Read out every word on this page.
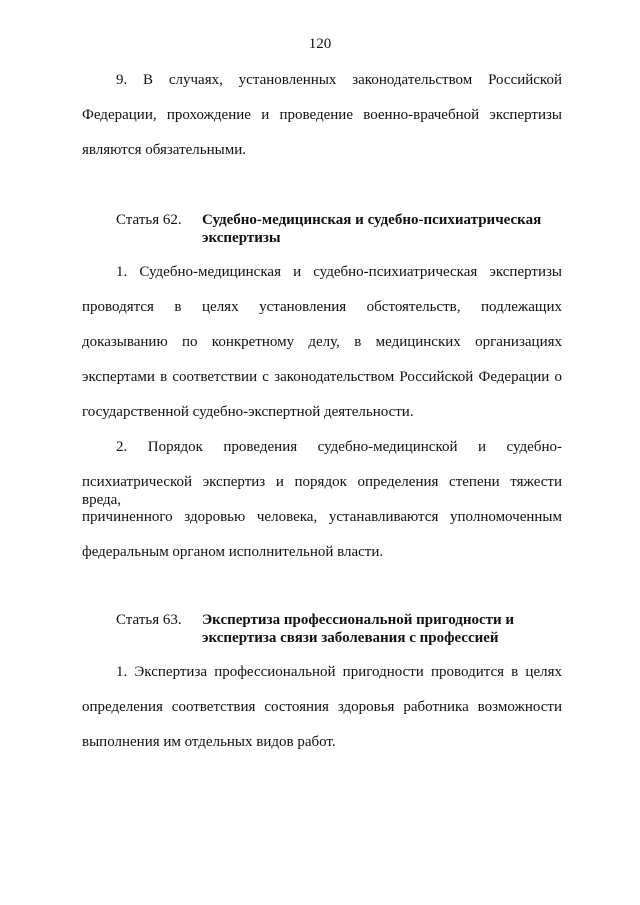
120
9. В случаях, установленных законодательством Российской
Федерации, прохождение и проведение военно-врачебной экспертизы
являются обязательными.
Статья 62. Судебно-медицинская и судебно-психиатрическая
экспертизы
1. Судебно-медицинская и судебно-психиатрическая экспертизы
проводятся в целях установления обстоятельств, подлежащих
доказыванию по конкретному делу, в медицинских организациях
экспертами в соответствии с законодательством Российской Федерации о
государственной судебно-экспертной деятельности.
2. Порядок проведения судебно-медицинской и судебно-
психиатрической экспертиз и порядок определения степени тяжести вреда,
причиненного здоровью человека, устанавливаются уполномоченным
федеральным органом исполнительной власти.
Статья 63. Экспертиза профессиональной пригодности и
экспертиза связи заболевания с профессией
1. Экспертиза профессиональной пригодности проводится в целях
определения соответствия состояния здоровья работника возможности
выполнения им отдельных видов работ.
